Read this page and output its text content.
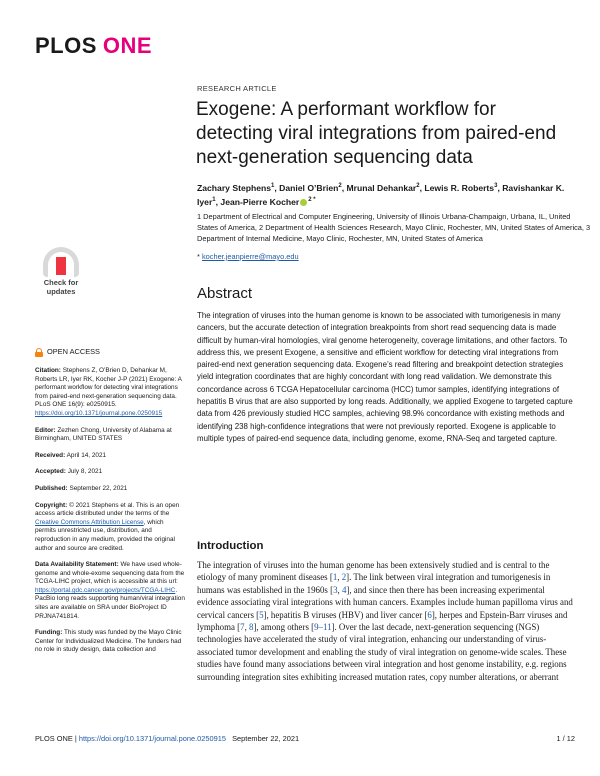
PLOS ONE
RESEARCH ARTICLE
Exogene: A performant workflow for detecting viral integrations from paired-end next-generation sequencing data
Zachary Stephens$^1$, Daniel O’Brien$^2$, Mrunal Dehankar$^2$, Lewis R. Roberts$^3$, Ravishankar K. Iyer$^1$, Jean-Pierre Kocher $^{2 *}$
1 Department of Electrical and Computer Engineering, University of Illinois Urbana-Champaign, Urbana, IL, United States of America, 2 Department of Health Sciences Research, Mayo Clinic, Rochester, MN, United States of America, 3 Department of Internal Medicine, Mayo Clinic, Rochester, MN, United States of America
* kocher.jeanpierre@mayo.edu
Check for
updates	Abstract

The integration of viruses into the human genome is known to be associated with tumorigenesis in many cancers, but the accurate detection of integration breakpoints from short read sequencing data is made difficult by human-viral homologies, viral genome heterogeneity, coverage limitations, and other factors. To address this, we present Exogene, a sensitive and efficient workflow for detecting viral integrations from paired-end next generation sequencing data. Exogene’s read filtering and breakpoint detection strategies yield integration coordinates that are highly concordant with long read validation. We demonstrate this concordance across 6 TCGA Hepatocellular carcinoma (HCC) tumor samples, identifying integrations of hepatitis B virus that are also supported by long reads. Additionally, we applied Exogene to targeted capture data from 426 previously studied HCC samples, achieving 98.9% concordance with existing methods and identifying 238 high-confidence integrations that were not previously reported. Exogene is applicable to multiple types of paired-end sequence data, including genome, exome, RNA-Seq and targeted capture.

OPEN ACCESS

Citation: Stephens Z, O’Brien D, Dehankar M, Roberts LR, Iyer RK, Kocher J-P (2021) Exogene: A performant workflow for detecting viral integrations from paired-end next-generation sequencing data. PLoS ONE 16(9): e0250915. https://doi.org/10.1371/journal.pone.0250915

Editor: Zezhen Chong, University of Alabama at Birmingham, UNITED STATES

Received: April 14, 2021

Accepted: July 8, 2021

Published: September 22, 2021

Copyright: © 2021 Stephens et al. This is an open access article distributed under the terms of the Creative Commons Attribution License, which permits unrestricted use, distribution, and reproduction in any medium, provided the original author and source are credited.

Data Availability Statement: We have used whole-genome and whole-exome sequencing data from the TCGA-LIHC project, which is accessible at this url: https://portal.gdc.cancer.gov/projects/TCGA-LIHC. PacBio long reads supporting human/viral integration sites are available on SRA under BioProject ID PRJNA741814.

Funding: This study was funded by the Mayo Clinic Center for Individualized Medicine. The funders had no role in study design, data collection and

Introduction

The integration of viruses into the human genome has been extensively studied and is central to the etiology of many prominent diseases [1, 2]. The link between viral integration and tumorigenesis in humans was established in the 1960s [3, 4], and since then there has been increasing experimental evidence associating viral integrations with human cancers. Examples include human papilloma virus and cervical cancers [5], hepatitis B viruses (HBV) and liver cancer [6], herpes and Epstein-Barr viruses and lymphoma [7, 8], among others [9–11]. Over the last decade, next-generation sequencing (NGS) technologies have accelerated the study of viral integration, enhancing our understanding of virus-associated tumor development and enabling the study of viral integration on genome-wide scales. These studies have found many associations between viral integration and host genome instability, e.g. regions surrounding integration sites exhibiting increased mutation rates, copy number alterations, or aberrant

PLOS ONE | https://doi.org/10.1371/journal.pone.0250915 September 22, 2021	1 / 12
